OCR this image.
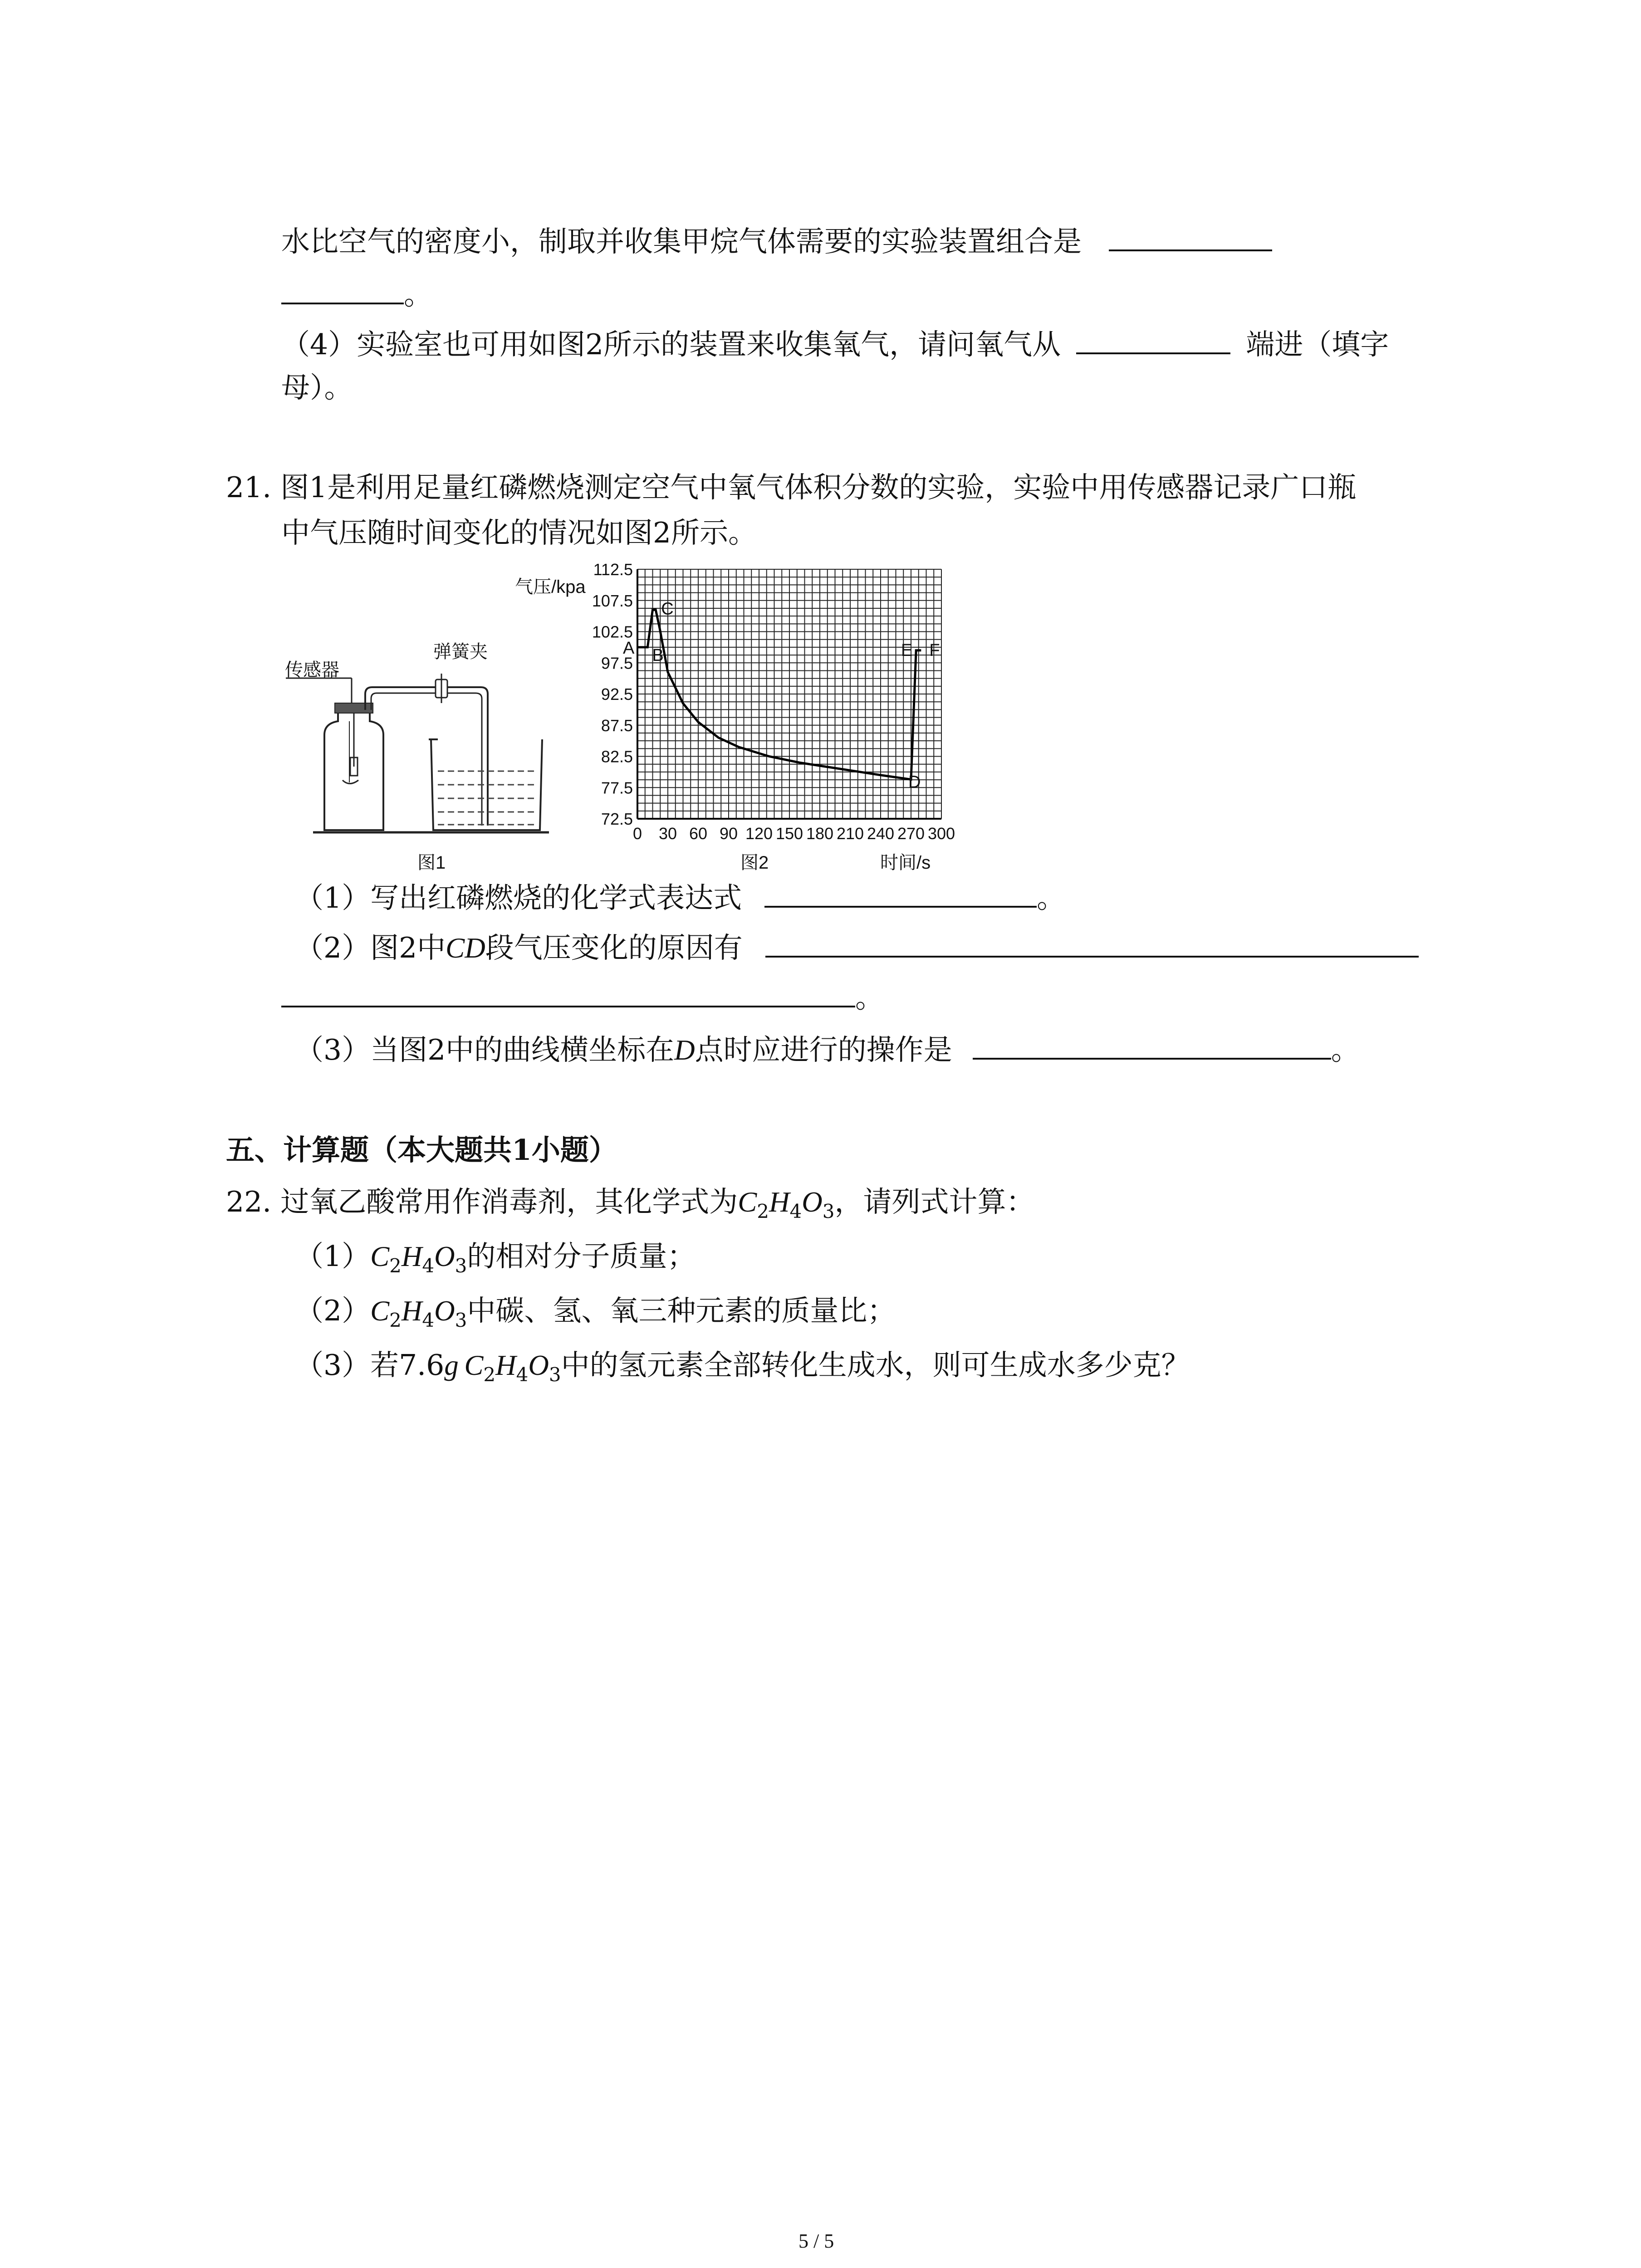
水比空气的密度小，制取并收集甲烷气体需要的实验装置组合是
。
（4）实验室也可用如图2所示的装置来收集氧气，请问氧气从	端进（填字
母）。
21. 图1是利用足量红磷燃烧测定空气中氧气体积分数的实验，实验中用传感器记录广口瓶
中气压随时间变化的情况如图2所示。
传感器
弹簧夹
图1
气压/kpa
72.5
77.5
82.5
87.5
92.5
97.5
102.5
107.5
112.5
0 30 60 90 120 150 180 210 240 270 300
A B
C
D
E F
图2	时间/s
（1）写出红磷燃烧的化学式表达式	。
（2）图2中CD段气压变化的原因有
。
（3）当图2中的曲线横坐标在D点时应进行的操作是	。
五、计算题（本大题共1小题）
22. 过氧乙酸常用作消毒剂，其化学式为$C_2H_4O_3$，请列式计算：
$(1)C_2H_4O_3$的相对分子质量；
$(2)C_2H_4O_3$中碳、氢、氧三种元素的质量比；
（3）若7.6g  $C_2H_4O_3$中的氢元素全部转化生成水，则可生成水多少克？
5 / 5
